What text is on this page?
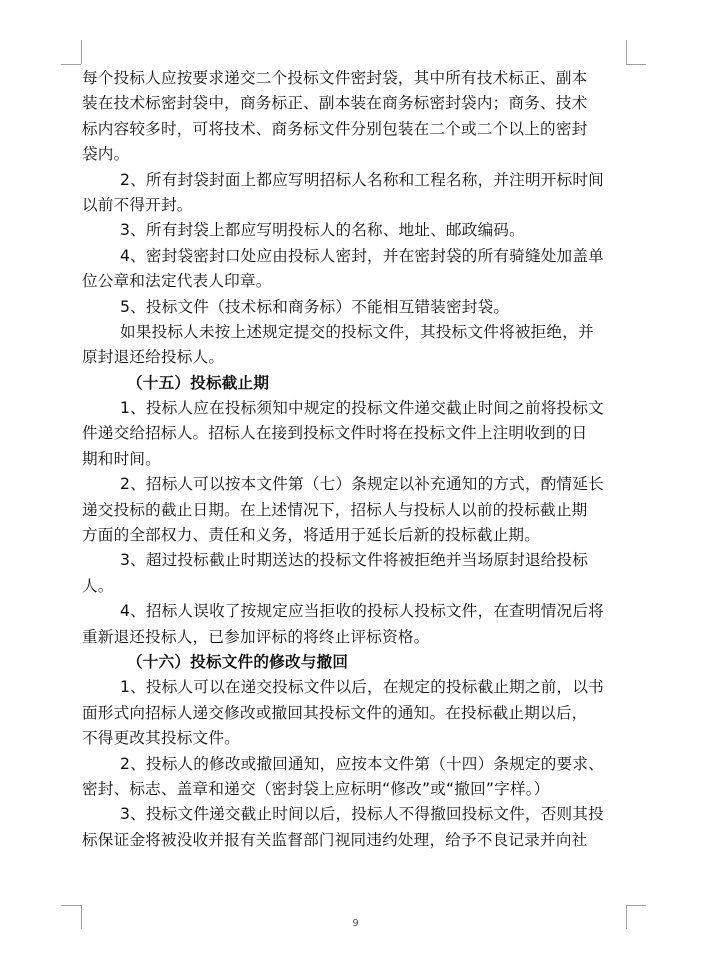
每个投标人应按要求递交二个投标文件密封袋，其中所有技术标正、副本
装在技术标密封袋中，商务标正、副本装在商务标密封袋内；商务、技术
标内容较多时，可将技术、商务标文件分别包装在二个或二个以上的密封
袋内。
2、所有封袋封面上都应写明招标人名称和工程名称，并注明开标时间
以前不得开封。
3、所有封袋上都应写明投标人的名称、地址、邮政编码。
4、密封袋密封口处应由投标人密封，并在密封袋的所有骑缝处加盖单
位公章和法定代表人印章。
5、投标文件（技术标和商务标）不能相互错装密封袋。
如果投标人未按上述规定提交的投标文件，其投标文件将被拒绝，并
原封退还给投标人。
（十五）投标截止期
1、投标人应在投标须知中规定的投标文件递交截止时间之前将投标文
件递交给招标人。招标人在接到投标文件时将在投标文件上注明收到的日
期和时间。
2、招标人可以按本文件第（七）条规定以补充通知的方式，酌情延长
递交投标的截止日期。在上述情况下，招标人与投标人以前的投标截止期
方面的全部权力、责任和义务，将适用于延长后新的投标截止期。
3、超过投标截止时期送达的投标文件将被拒绝并当场原封退给投标
人。
4、招标人误收了按规定应当拒收的投标人投标文件，在查明情况后将
重新退还投标人，已参加评标的将终止评标资格。
（十六）投标文件的修改与撤回
1、投标人可以在递交投标文件以后，在规定的投标截止期之前，以书
面形式向招标人递交修改或撤回其投标文件的通知。在投标截止期以后，
不得更改其投标文件。
2、投标人的修改或撤回通知，应按本文件第（十四）条规定的要求、
密封、标志、盖章和递交（密封袋上应标明“修改”或“撤回”字样。）
3、投标文件递交截止时间以后，投标人不得撤回投标文件，否则其投
标保证金将被没收并报有关监督部门视同违约处理，给予不良记录并向社
9
